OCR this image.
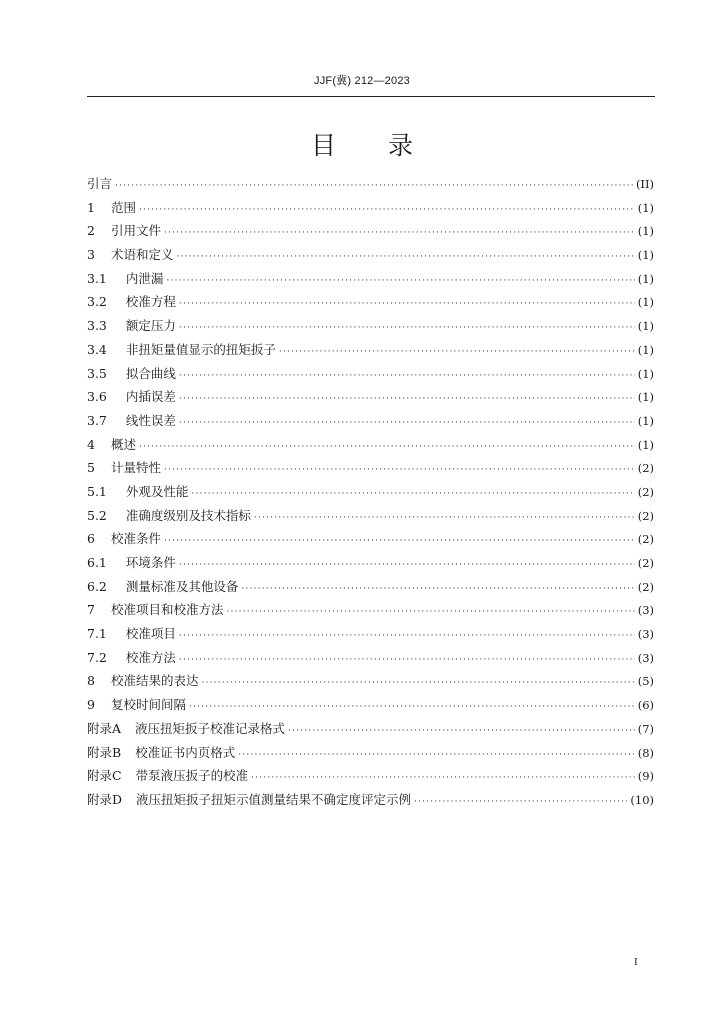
JJF(冀) 212—2023
目 录
引言 ·····	(II)
1 范围 ·····	(1)
2 引用文件 ·····	(1)
3 术语和定义 ·····	(1)
3.1 内泄漏 ·····	(1)
3.2 校准方程 ·····	(1)
3.3 额定压力 ·····	(1)
3.4 非扭矩量值显示的扭矩扳子 ·····	(1)
3.5 拟合曲线 ·····	(1)
3.6 内插误差 ·····	(1)
3.7 线性误差 ·····	(1)
4 概述 ·····	(1)
5 计量特性 ·····	(2)
5.1 外观及性能 ·····	(2)
5.2 准确度级别及技术指标 ·····	(2)
6 校准条件 ·····	(2)
6.1 环境条件 ·····	(2)
6.2 测量标准及其他设备 ·····	(2)
7 校准项目和校准方法 ·····	(3)
7.1 校准项目 ·····	(3)
7.2 校准方法 ·····	(3)
8 校准结果的表达 ·····	(5)
9 复校时间间隔 ·····	(6)
附录A 液压扭矩扳子校准记录格式 ·····	(7)
附录B 校准证书内页格式 ·····	(8)
附录C 带泵液压扳子的校准 ·····	(9)
附录D 液压扭矩扳子扭矩示值测量结果不确定度评定示例 ·····	(10)
I
